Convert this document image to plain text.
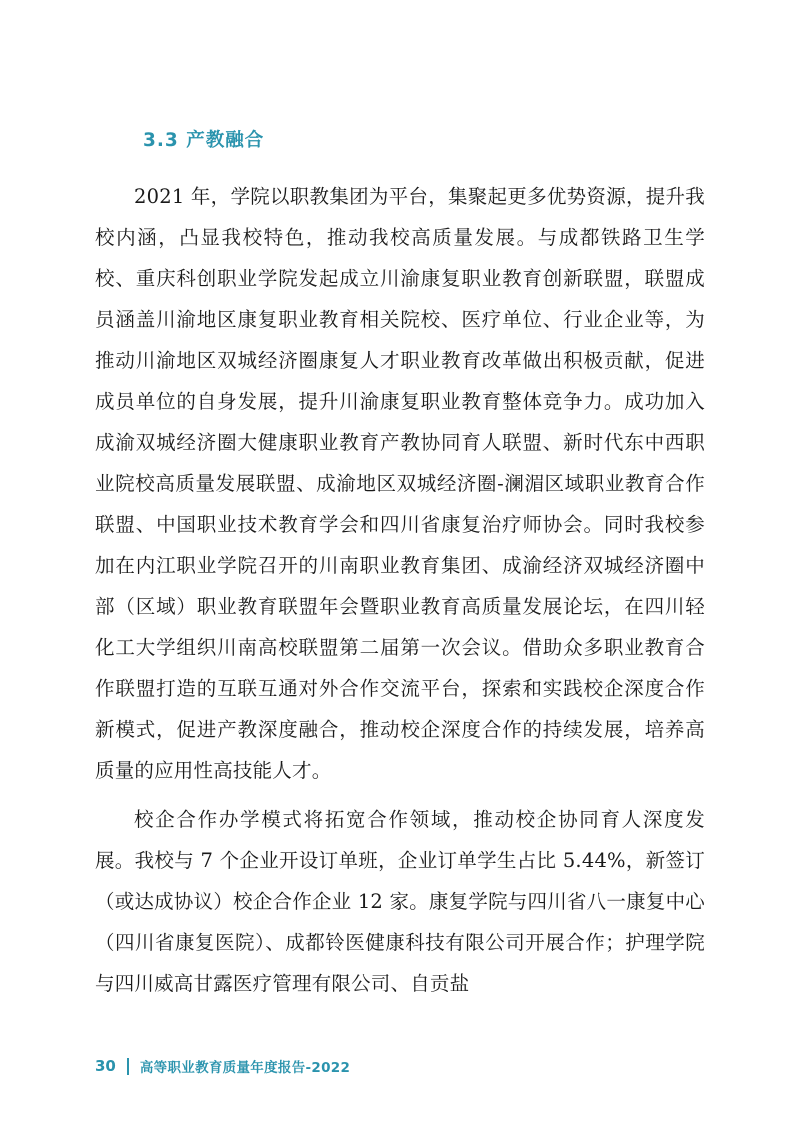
3.3 产教融合

2021 年，学院以职教集团为平台，集聚起更多优势资源，提升我校内涵，凸显我校特色，推动我校高质量发展。与成都铁路卫生学校、重庆科创职业学院发起成立川渝康复职业教育创新联盟，联盟成员涵盖川渝地区康复职业教育相关院校、医疗单位、行业企业等，为推动川渝地区双城经济圈康复人才职业教育改革做出积极贡献，促进成员单位的自身发展，提升川渝康复职业教育整体竞争力。成功加入成渝双城经济圈大健康职业教育产教协同育人联盟、新时代东中西职业院校高质量发展联盟、成渝地区双城经济圈-澜湄区域职业教育合作联盟、中国职业技术教育学会和四川省康复治疗师协会。同时我校参加在内江职业学院召开的川南职业教育集团、成渝经济双城经济圈中部（区域）职业教育联盟年会暨职业教育高质量发展论坛，在四川轻化工大学组织川南高校联盟第二届第一次会议。借助众多职业教育合作联盟打造的互联互通对外合作交流平台，探索和实践校企深度合作新模式，促进产教深度融合，推动校企深度合作的持续发展，培养高质量的应用性高技能人才。

校企合作办学模式将拓宽合作领域，推动校企协同育人深度发展。我校与 7 个企业开设订单班，企业订单学生占比 5.44%，新签订（或达成协议）校企合作企业 12 家。康复学院与四川省八一康复中心（四川省康复医院）、成都铃医健康科技有限公司开展合作；护理学院与四川威高甘露医疗管理有限公司、自贡盐

30 高等职业教育质量年度报告-2022
